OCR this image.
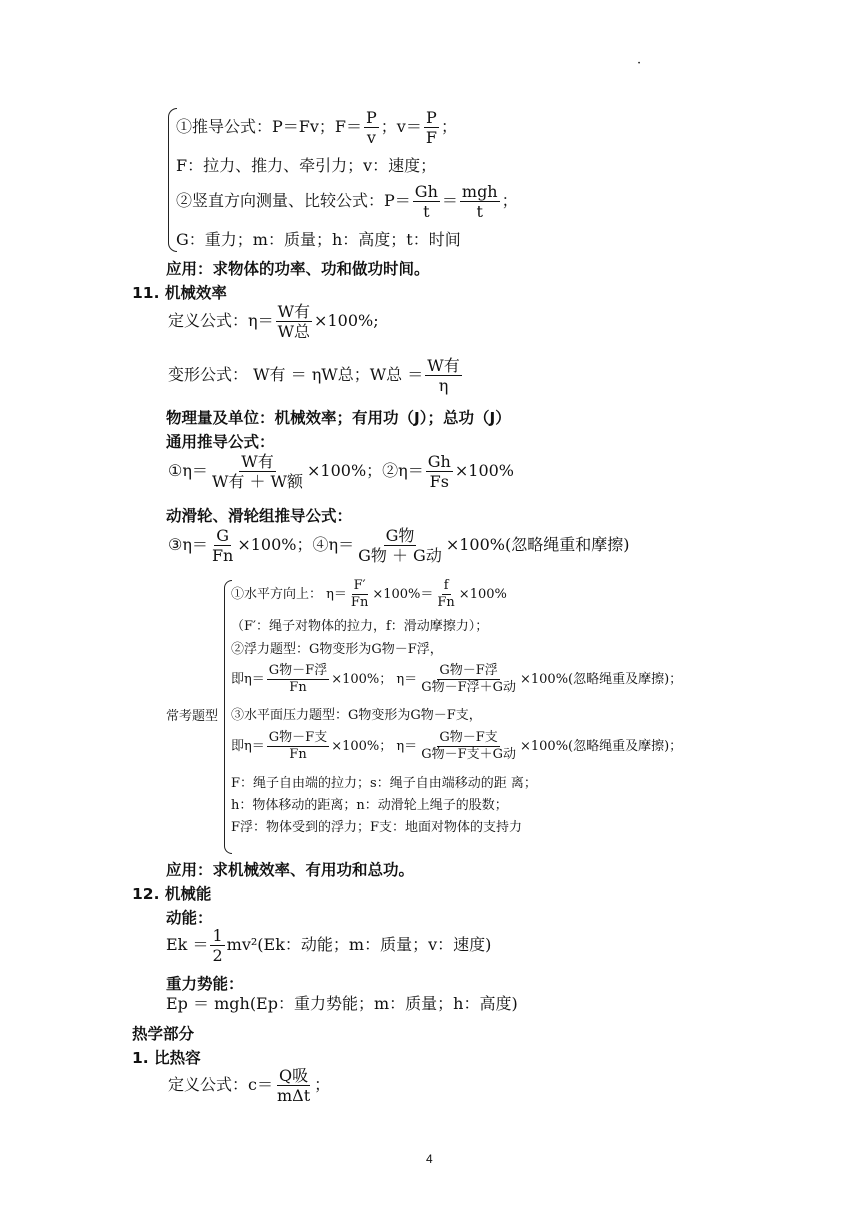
·
①推导公式：P＝Fv；$F= \frac{P}{v}$ ；$v= \frac{P}{F}$ ；
F：拉力、推力、牵引力；v：速度；
②竖直方向测量、比较公式：$P= \frac{Gh}{t} = \frac{\text{mgh}}{t}$ ；
G：重力；m：质量；h：高度；t：时间
应用：求物体的功率、功和做功时间。
11. 机械效率
定义公式：$\eta= \frac{\text{W有}}{\text{W总}} \times 100\%$;
变形公式： W有 ＝ ηW总；W总 ＝ $\frac{\text{W有}}{\eta}$
物理量及单位：机械效率；有用功（J）；总功（J）
通用推导公式：
①η＝ $\frac{\text{W有}}{\text{W有 ＋ W额}} \times 100\%$；②η＝ $\frac{Gh}{Fs} \times 100\%$
动滑轮、滑轮组推导公式：
③η＝ $\frac{G}{Fn} \times 100\%$；④η＝ $\frac{\text{G物}}{\text{G物 ＋ G动}} \times 100\%$(忽略绳重和摩擦)
常考题型
①水平方向上： $\eta= \frac{F'}{Fn} \times 100\%= \frac{f}{Fn} \times 100\%$
（F′：绳子对物体的拉力，f：滑动摩擦力）；
②浮力题型：G物变形为G物－F浮，
即$\eta= \frac{\text{G物－F浮}}{Fn} \times 100\%$； $\eta= \frac{\text{G物－F浮}}{\text{G物－F浮＋G动}} \times 100\%$(忽略绳重及摩擦)；
③水平面压力题型：G物变形为G物－F支，
即$\eta= \frac{\text{G物－F支}}{Fn} \times 100\%$； $\eta= \frac{\text{G物－F支}}{\text{G物－F支＋G动}} \times 100\%$(忽略绳重及摩擦)；
F：绳子自由端的拉力；s：绳子自由端移动的距 离；
h：物体移动的距离；n：动滑轮上绳子的股数；
F浮：物体受到的浮力；F支：地面对物体的支持力
应用：求机械效率、有用功和总功。
12. 机械能
动能：
$Ek = \frac{1}{2} mv^2(Ek$：动能；m：质量；v：速度)
重力势能：
Ep ＝ mgh(Ep：重力势能；m：质量；h：高度)
热学部分
1. 比热容
定义公式：$c= \frac{\text{Q吸}}{\text{mΔt}}$ ；
4
